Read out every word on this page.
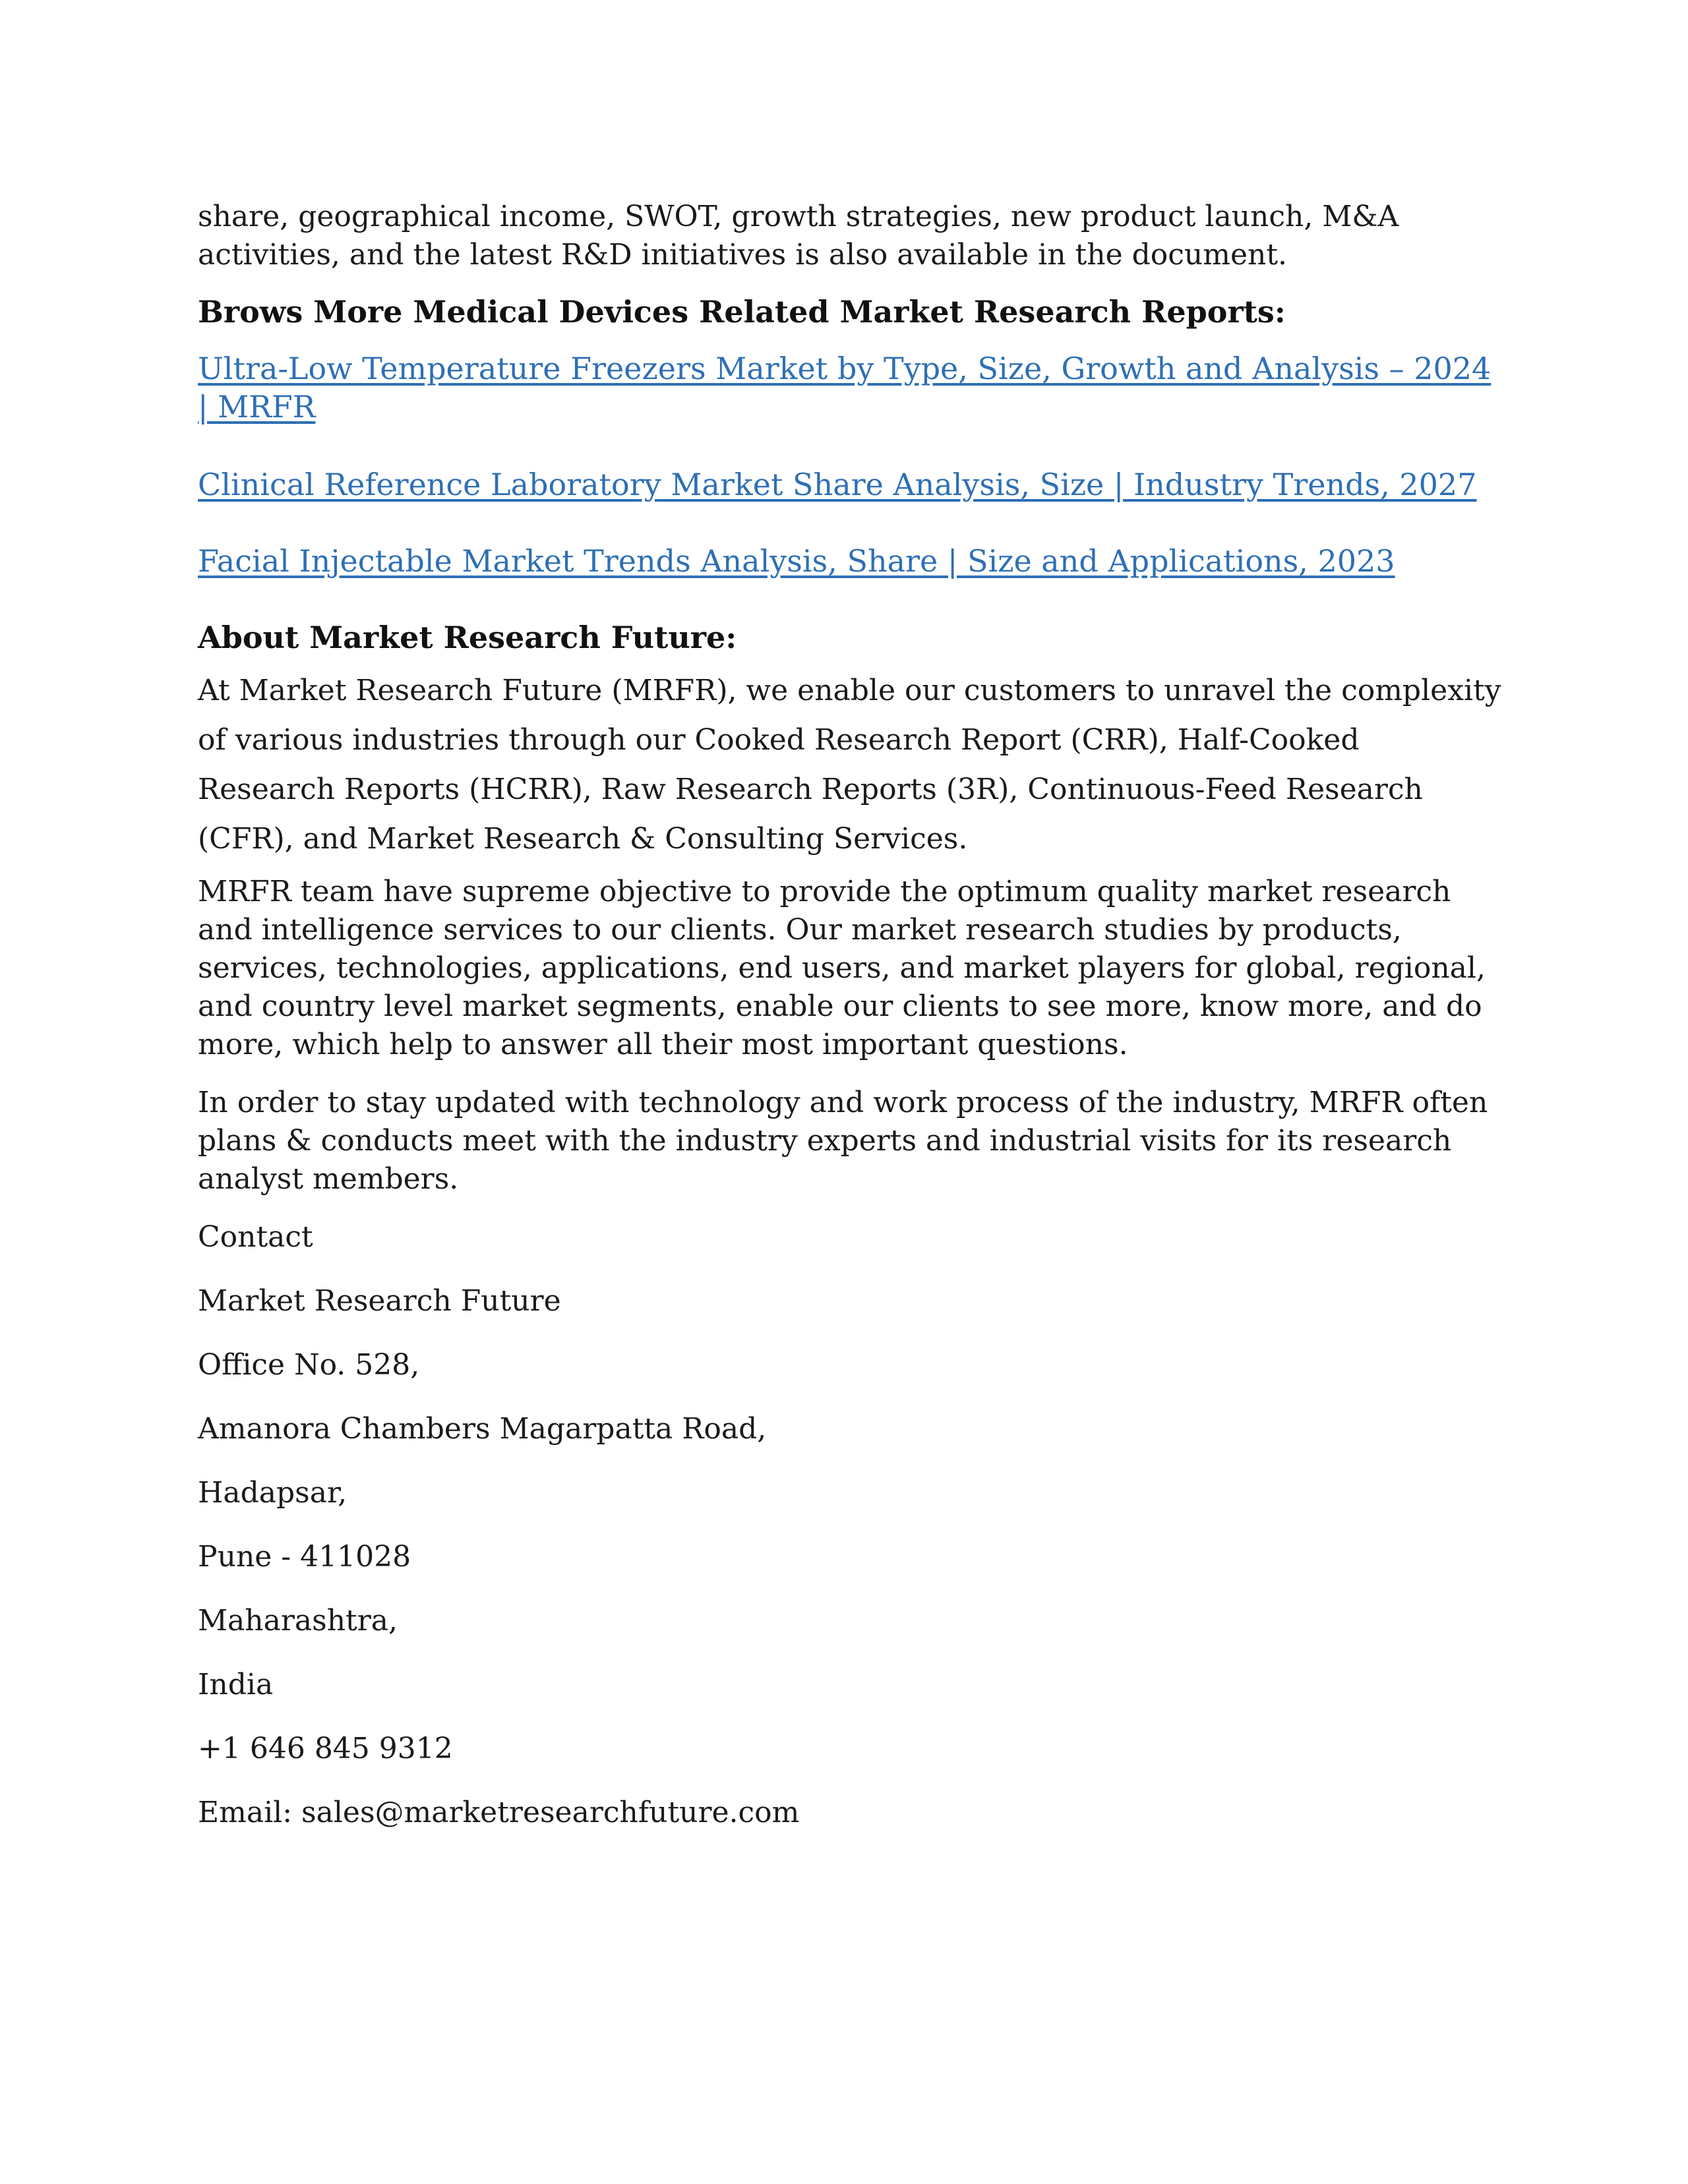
share, geographical income, SWOT, growth strategies, new product launch, M&A activities, and the latest R&D initiatives is also available in the document.

Brows More Medical Devices Related Market Research Reports:
Ultra-Low Temperature Freezers Market by Type, Size, Growth and Analysis – 2024 | MRFR
Clinical Reference Laboratory Market Share Analysis, Size | Industry Trends, 2027
Facial Injectable Market Trends Analysis, Share | Size and Applications, 2023
About Market Research Future:

At Market Research Future (MRFR), we enable our customers to unravel the complexity of various industries through our Cooked Research Report (CRR), Half-Cooked Research Reports (HCRR), Raw Research Reports (3R), Continuous-Feed Research (CFR), and Market Research & Consulting Services.

MRFR team have supreme objective to provide the optimum quality market research and intelligence services to our clients. Our market research studies by products, services, technologies, applications, end users, and market players for global, regional, and country level market segments, enable our clients to see more, know more, and do more, which help to answer all their most important questions.

In order to stay updated with technology and work process of the industry, MRFR often plans & conducts meet with the industry experts and industrial visits for its research analyst members.

Contact

Market Research Future

Office No. 528,

Amanora Chambers Magarpatta Road,

Hadapsar,

Pune - 411028

Maharashtra,

India

+1 646 845 9312

Email: sales@marketresearchfuture.com
